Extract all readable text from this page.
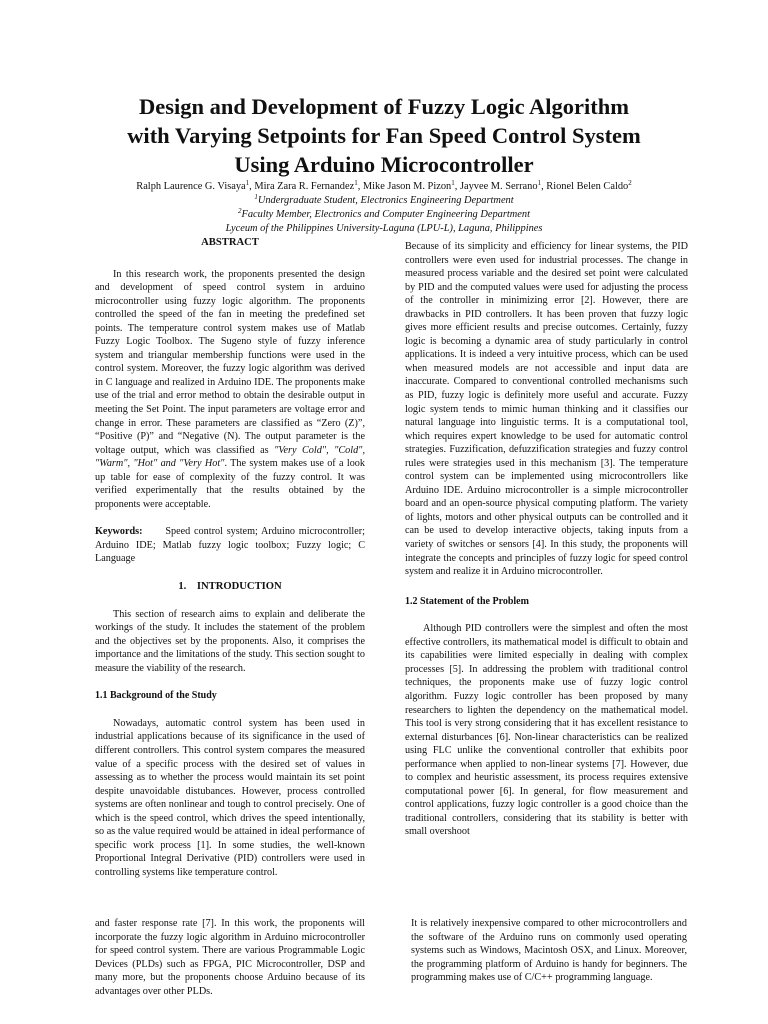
Design and Development of Fuzzy Logic Algorithm
with Varying Setpoints for Fan Speed Control System
Using Arduino Microcontroller
Ralph Laurence G. Visaya$^1$, Mira Zara R. Fernandez$^1$, Mike Jason M. Pizon$^1$, Jayvee M. Serrano$^1$, Rionel Belen Caldo$^2$
$^1$Undergraduate Student, Electronics Engineering Department
$^2$Faculty Member, Electronics and Computer Engineering Department
Lyceum of the Philippines University-Laguna (LPU-L), Laguna, Philippines
ABSTRACT

In this research work, the proponents presented the design and development of speed control system in arduino microcontroller using fuzzy logic algorithm. The proponents controlled the speed of the fan in meeting the predefined set points. The temperature control system makes use of Matlab Fuzzy Logic Toolbox. The Sugeno style of fuzzy inference system and triangular membership functions were used in the control system. Moreover, the fuzzy logic algorithm was derived in C language and realized in Arduino IDE. The proponents make use of the trial and error method to obtain the desirable output in meeting the Set Point. The input parameters are voltage error and change in error. These parameters are classified as “Zero (Z)”, “Positive (P)” and “Negative (N). The output parameter is the voltage output, which was classified as "Very Cold", "Cold", "Warm", "Hot" and "Very Hot". The system makes use of a look up table for ease of complexity of the fuzzy control. It was verified experimentally that the results obtained by the proponents were acceptable.

Keywords: Speed control system; Arduino microcontroller; Arduino IDE; Matlab fuzzy logic toolbox; Fuzzy logic; C Language

1.    INTRODUCTION

This section of research aims to explain and deliberate the workings of the study. It includes the statement of the problem and the objectives set by the proponents. Also, it comprises the importance and the limitations of the study. This section sought to measure the viability of the research.

1.1 Background of the Study

Nowadays, automatic control system has been used in industrial applications because of its significance in the used of different controllers. This control system compares the measured value of a specific process with the desired set of values in assessing as to whether the process would maintain its set point despite unavoidable distubances. However, process controlled systems are often nonlinear and tough to control precisely. One of which is the speed control, which drives the speed intentionally, so as the value required would be attained in ideal performance of specific work process [1]. In some studies, the well-known Proportional Integral Derivative (PID) controllers were used in controlling systems like temperature control.

and faster response rate [7]. In this work, the proponents will incorporate the fuzzy logic algorithm in Arduino microcontroller for speed control system. There are various Programmable Logic Devices (PLDs) such as FPGA, PIC Microcontroller, DSP and many more, but the proponents choose Arduino because of its advantages over other PLDs.

Because of its simplicity and efficiency for linear systems, the PID controllers were even used for industrial processes. The change in measured process variable and the desired set point were calculated by PID and the computed values were used for adjusting the process of the controller in minimizing error [2]. However, there are drawbacks in PID controllers. It has been proven that fuzzy logic gives more efficient results and precise outcomes. Certainly, fuzzy logic is becoming a dynamic area of study particularly in control applications. It is indeed a very intuitive process, which can be used when measured models are not accessible and input data are inaccurate. Compared to conventional controlled mechanisms such as PID, fuzzy logic is definitely more useful and accurate. Fuzzy logic system tends to mimic human thinking and it classifies our natural language into linguistic terms. It is a computational tool, which requires expert knowledge to be used for automatic control strategies. Fuzzification, defuzzification strategies and fuzzy control rules were strategies used in this mechanism [3]. The temperature control system can be implemented using microcontrollers like Arduino IDE. Arduino microcontroller is a simple microcontroller board and an open-source physical computing platform. The variety of lights, motors and other physical outputs can be controlled and it can be used to develop interactive objects, taking inputs from a variety of switches or sensors [4]. In this study, the proponents will integrate the concepts and principles of fuzzy logic for speed control system and realize it in Arduino microcontroller.

1.2 Statement of the Problem

Although PID controllers were the simplest and often the most effective controllers, its mathematical model is difficult to obtain and its capabilities were limited especially in dealing with complex processes [5]. In addressing the problem with traditional control techniques, the proponents make use of fuzzy logic control algorithm. Fuzzy logic controller has been proposed by many researchers to lighten the dependency on the mathematical model. This tool is very strong considering that it has excellent resistance to external disturbances [6]. Non-linear characteristics can be realized using FLC unlike the conventional controller that exhibits poor performance when applied to non-linear systems [7]. However, due to complex and heuristic assessment, its process requires extensive computational power [6]. In general, for flow measurement and control applications, fuzzy logic controller is a good choice than the traditional controllers, considering that its stability is better with small overshoot

It is relatively inexpensive compared to other microcontrollers and the software of the Arduino runs on commonly used operating systems such as Windows, Macintosh OSX, and Linux. Moreover, the programming platform of Arduino is handy for beginners. The programming makes use of C/C++ programming language.
